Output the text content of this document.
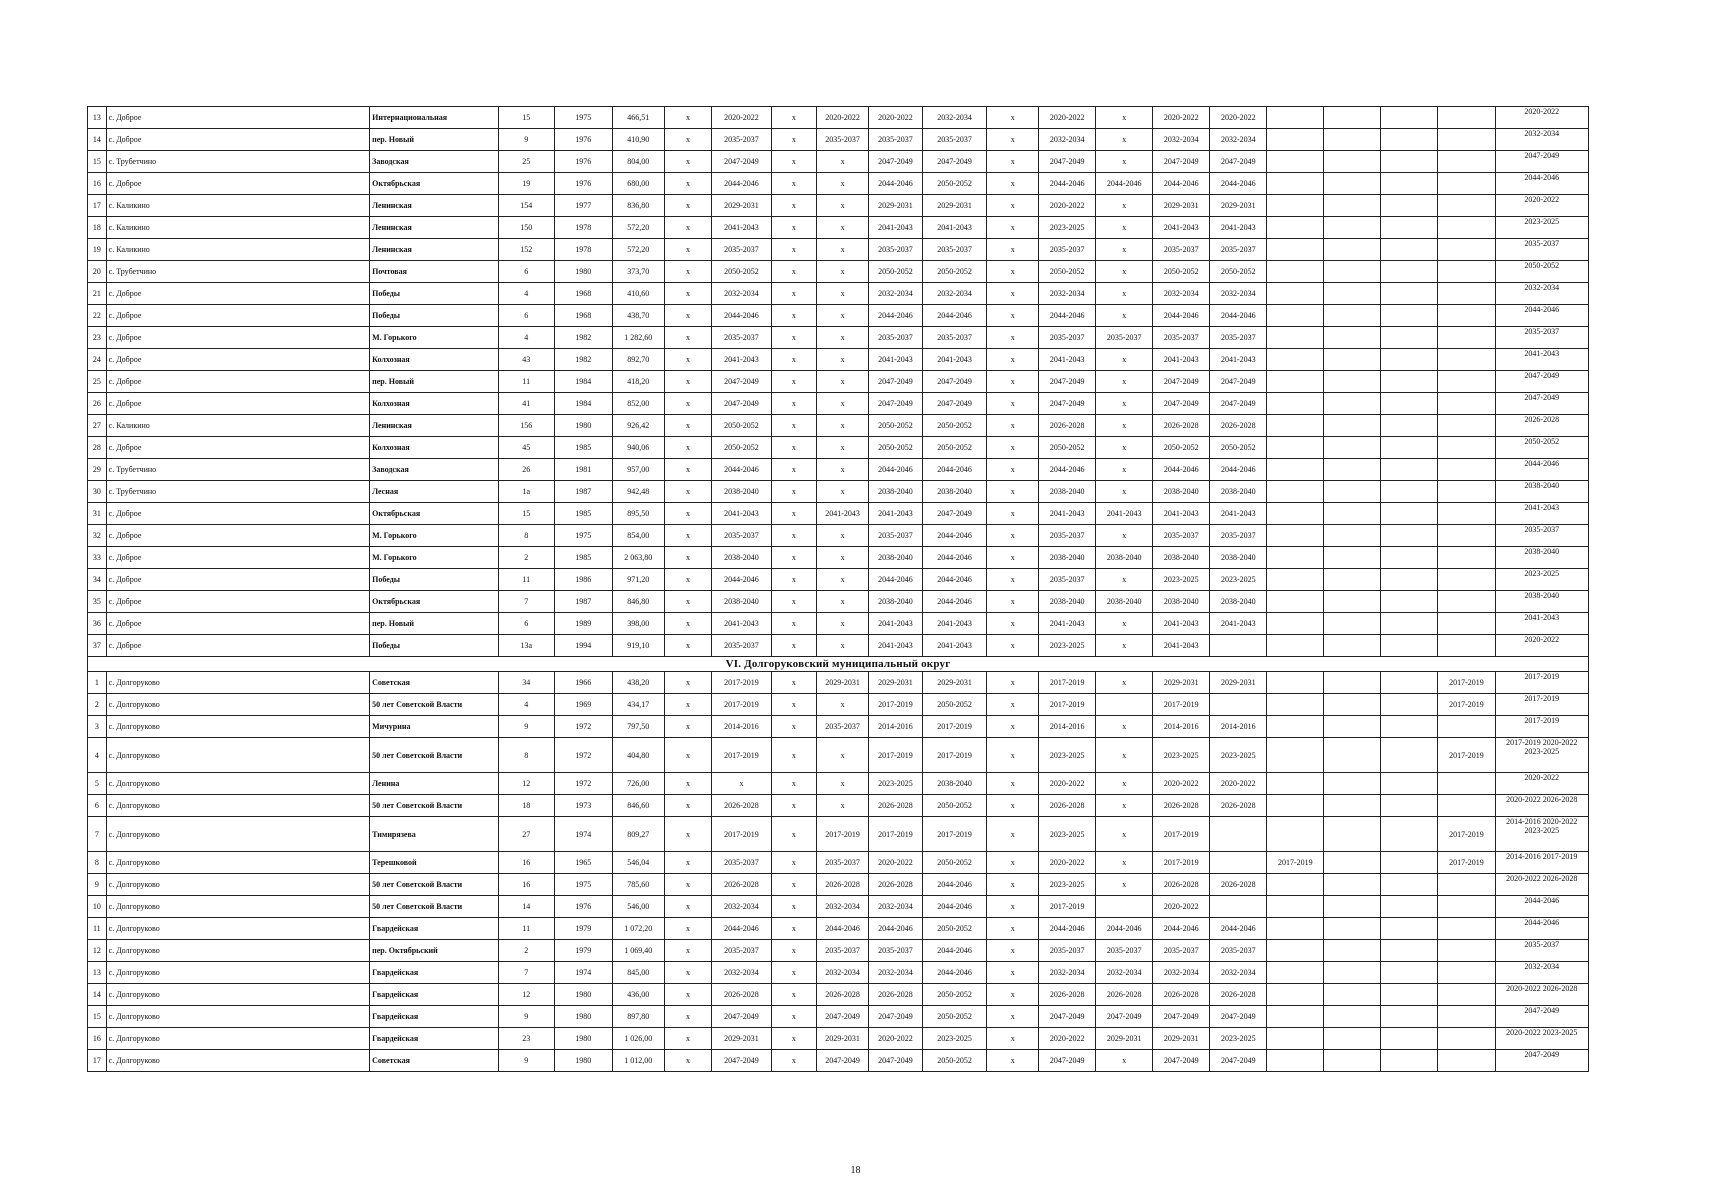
13	с. Доброе	Интернациональная	15	1975	466,51	x	2020-2022	x	2020-2022	2020-2022	2032-2034	x	2020-2022	x	2020-2022	2020-2022					2020-2022
14	с. Доброе	пер. Новый	9	1976	410,90	x	2035-2037	x	2035-2037	2035-2037	2035-2037	x	2032-2034	x	2032-2034	2032-2034					2032-2034
15	с. Трубетчино	Заводская	25	1976	804,00	x	2047-2049	x	x	2047-2049	2047-2049	x	2047-2049	x	2047-2049	2047-2049					2047-2049
16	с. Доброе	Октябрьская	19	1976	680,00	x	2044-2046	x	x	2044-2046	2050-2052	x	2044-2046	2044-2046	2044-2046	2044-2046					2044-2046
17	с. Каликино	Ленинская	154	1977	836,80	x	2029-2031	x	x	2029-2031	2029-2031	x	2020-2022	x	2029-2031	2029-2031					2020-2022
18	с. Каликино	Ленинская	150	1978	572,20	x	2041-2043	x	x	2041-2043	2041-2043	x	2023-2025	x	2041-2043	2041-2043					2023-2025
19	с. Каликино	Ленинская	152	1978	572,20	x	2035-2037	x	x	2035-2037	2035-2037	x	2035-2037	x	2035-2037	2035-2037					2035-2037
20	с. Трубетчино	Почтовая	6	1980	373,70	x	2050-2052	x	x	2050-2052	2050-2052	x	2050-2052	x	2050-2052	2050-2052					2050-2052
21	с. Доброе	Победы	4	1968	410,60	x	2032-2034	x	x	2032-2034	2032-2034	x	2032-2034	x	2032-2034	2032-2034					2032-2034
22	с. Доброе	Победы	6	1968	438,70	x	2044-2046	x	x	2044-2046	2044-2046	x	2044-2046	x	2044-2046	2044-2046					2044-2046
23	с. Доброе	М. Горького	4	1982	1 282,60	x	2035-2037	x	x	2035-2037	2035-2037	x	2035-2037	2035-2037	2035-2037	2035-2037					2035-2037
24	с. Доброе	Колхозная	43	1982	892,70	x	2041-2043	x	x	2041-2043	2041-2043	x	2041-2043	x	2041-2043	2041-2043					2041-2043
25	с. Доброе	пер. Новый	11	1984	418,20	x	2047-2049	x	x	2047-2049	2047-2049	x	2047-2049	x	2047-2049	2047-2049					2047-2049
26	с. Доброе	Колхозная	41	1984	852,00	x	2047-2049	x	x	2047-2049	2047-2049	x	2047-2049	x	2047-2049	2047-2049					2047-2049
27	с. Каликино	Ленинская	156	1980	926,42	x	2050-2052	x	x	2050-2052	2050-2052	x	2026-2028	x	2026-2028	2026-2028					2026-2028
28	с. Доброе	Колхозная	45	1985	940,06	x	2050-2052	x	x	2050-2052	2050-2052	x	2050-2052	x	2050-2052	2050-2052					2050-2052
29	с. Трубетчино	Заводская	26	1981	957,00	x	2044-2046	x	x	2044-2046	2044-2046	x	2044-2046	x	2044-2046	2044-2046					2044-2046
30	с. Трубетчино	Лесная	1а	1987	942,48	x	2038-2040	x	x	2038-2040	2038-2040	x	2038-2040	x	2038-2040	2038-2040					2038-2040
31	с. Доброе	Октябрьская	15	1985	895,50	x	2041-2043	x	2041-2043	2041-2043	2047-2049	x	2041-2043	2041-2043	2041-2043	2041-2043					2041-2043
32	с. Доброе	М. Горького	8	1975	854,00	x	2035-2037	x	x	2035-2037	2044-2046	x	2035-2037	x	2035-2037	2035-2037					2035-2037
33	с. Доброе	М. Горького	2	1985	2 063,80	x	2038-2040	x	x	2038-2040	2044-2046	x	2038-2040	2038-2040	2038-2040	2038-2040					2038-2040
34	с. Доброе	Победы	11	1986	971,20	x	2044-2046	x	x	2044-2046	2044-2046	x	2035-2037	x	2023-2025	2023-2025					2023-2025
35	с. Доброе	Октябрьская	7	1987	846,80	x	2038-2040	x	x	2038-2040	2044-2046	x	2038-2040	2038-2040	2038-2040	2038-2040					2038-2040
36	с. Доброе	пер. Новый	6	1989	398,00	x	2041-2043	x	x	2041-2043	2041-2043	x	2041-2043	x	2041-2043	2041-2043					2041-2043
37	с. Доброе	Победы	13а	1994	919,10	x	2035-2037	x	x	2041-2043	2041-2043	x	2023-2025	x	2041-2043						2020-2022
VI. Долгоруковский муниципальный округ																					
1	с. Долгоруково	Советская	34	1966	438,20	x	2017-2019	x	2029-2031	2029-2031	2029-2031	x	2017-2019	x	2029-2031	2029-2031				2017-2019	2017-2019
2	с. Долгоруково	50 лет Советской Власти	4	1969	434,17	x	2017-2019	x	x	2017-2019	2050-2052	x	2017-2019		2017-2019					2017-2019	2017-2019
3	с. Долгоруково	Мичурина	9	1972	797,50	x	2014-2016	x	2035-2037	2014-2016	2017-2019	x	2014-2016	x	2014-2016	2014-2016					2017-2019
4	с. Долгоруково	50 лет Советской Власти	8	1972	404,80	x	2017-2019	x	x	2017-2019	2017-2019	x	2023-2025	x	2023-2025	2023-2025				2017-2019	2017-2019 2020-2022 2023-2025
5	с. Долгоруково	Ленина	12	1972	726,00	x	x	x	x	2023-2025	2038-2040	x	2020-2022	x	2020-2022	2020-2022					2020-2022
6	с. Долгоруково	50 лет Советской Власти	18	1973	846,60	x	2026-2028	x	x	2026-2028	2050-2052	x	2026-2028	x	2026-2028	2026-2028					2020-2022 2026-2028
7	с. Долгоруково	Тимирязева	27	1974	809,27	x	2017-2019	x	2017-2019	2017-2019	2017-2019	x	2023-2025	x	2017-2019					2017-2019	2014-2016 2020-2022 2023-2025
8	с. Долгоруково	Терешковой	16	1965	546,04	x	2035-2037	x	2035-2037	2020-2022	2050-2052	x	2020-2022	x	2017-2019		2017-2019			2017-2019	2014-2016 2017-2019
9	с. Долгоруково	50 лет Советской Власти	16	1975	785,60	x	2026-2028	x	2026-2028	2026-2028	2044-2046	x	2023-2025	x	2026-2028	2026-2028					2020-2022 2026-2028
10	с. Долгоруково	50 лет Советской Власти	14	1976	546,00	x	2032-2034	x	2032-2034	2032-2034	2044-2046	x	2017-2019		2020-2022						2044-2046
11	с. Долгоруково	Гвардейская	11	1979	1 072,20	x	2044-2046	x	2044-2046	2044-2046	2050-2052	x	2044-2046	2044-2046	2044-2046	2044-2046					2044-2046
12	с. Долгоруково	пер. Октябрьский	2	1979	1 069,40	x	2035-2037	x	2035-2037	2035-2037	2044-2046	x	2035-2037	2035-2037	2035-2037	2035-2037					2035-2037
13	с. Долгоруково	Гвардейская	7	1974	845,00	x	2032-2034	x	2032-2034	2032-2034	2044-2046	x	2032-2034	2032-2034	2032-2034	2032-2034					2032-2034
14	с. Долгоруково	Гвардейская	12	1980	436,00	x	2026-2028	x	2026-2028	2026-2028	2050-2052	x	2026-2028	2026-2028	2026-2028	2026-2028					2020-2022 2026-2028
15	с. Долгоруково	Гвардейская	9	1980	897,80	x	2047-2049	x	2047-2049	2047-2049	2050-2052	x	2047-2049	2047-2049	2047-2049	2047-2049					2047-2049
16	с. Долгоруково	Гвардейская	23	1980	1 026,00	x	2029-2031	x	2029-2031	2020-2022	2023-2025	x	2020-2022	2029-2031	2029-2031	2023-2025					2020-2022 2023-2025
17	с. Долгоруково	Советская	9	1980	1 012,00	x	2047-2049	x	2047-2049	2047-2049	2050-2052	x	2047-2049	x	2047-2049	2047-2049					2047-2049
18
